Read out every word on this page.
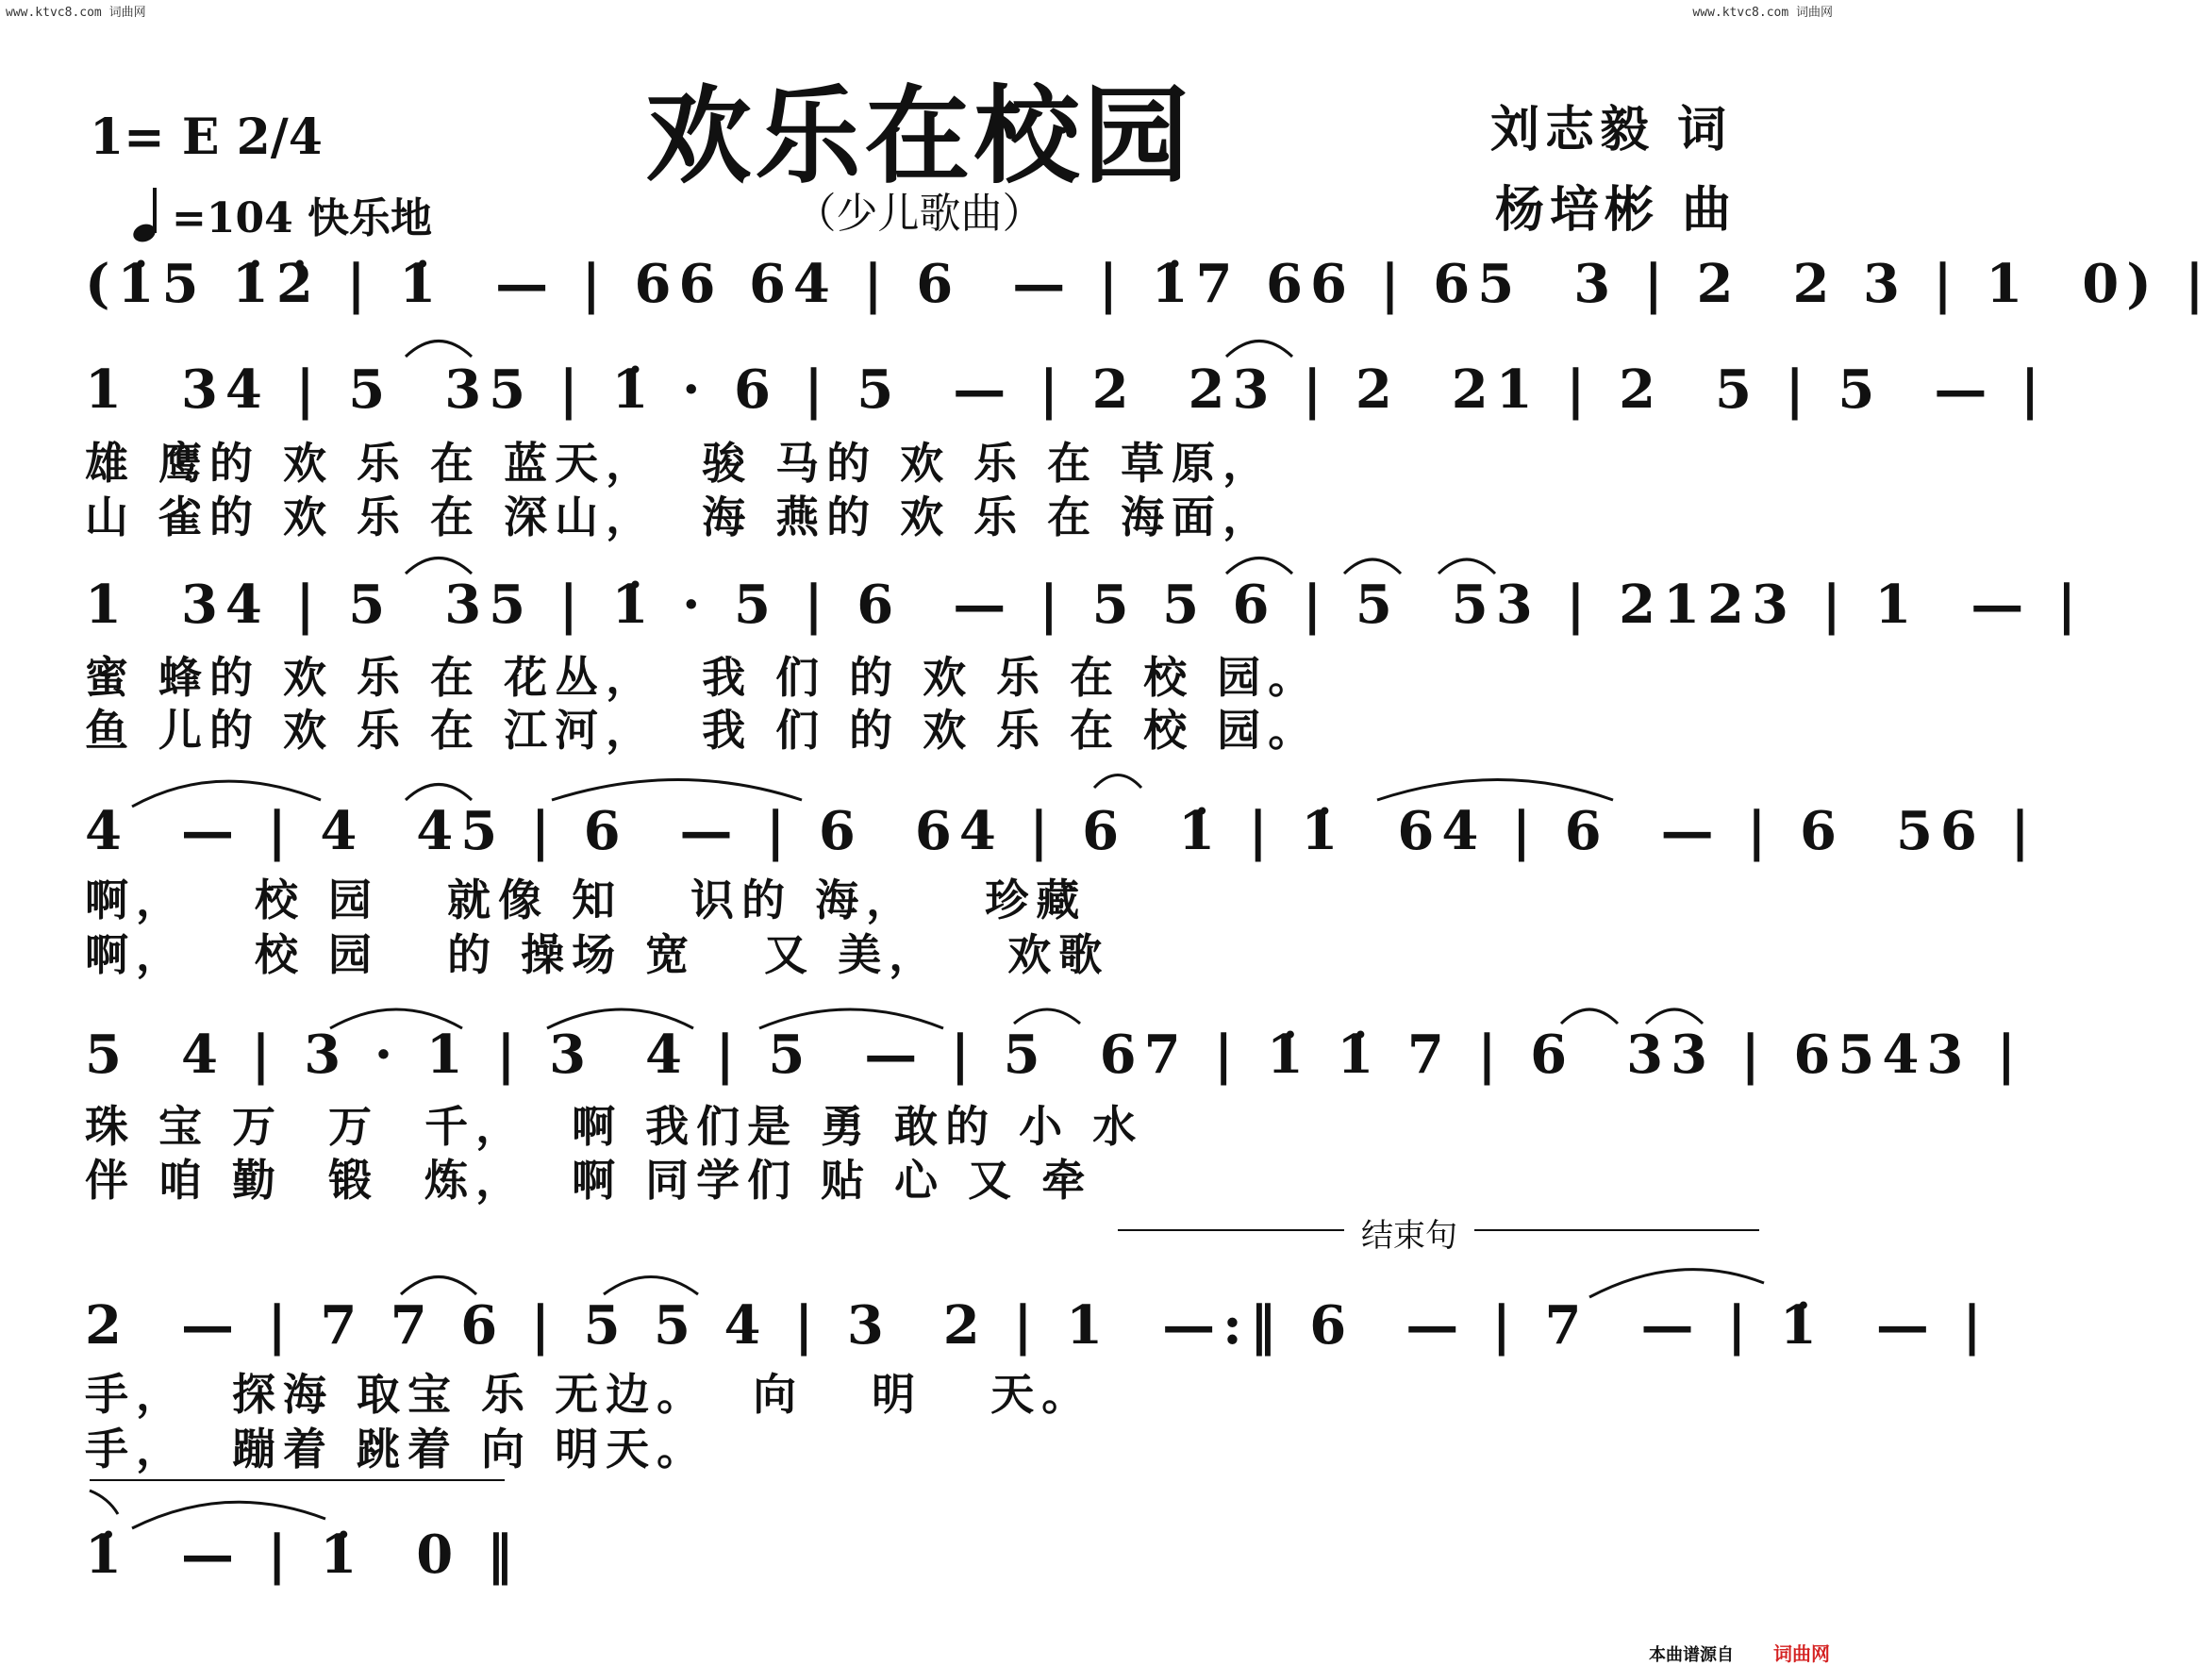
www.ktvc8.com 词曲网	www.ktvc8.com 词曲网
欢乐在校园
（少儿歌曲）
1= E 2/4
=104 快乐地
刘志毅 词
杨培彬 曲
(1̇5 1̇2̇ | 1̇  — | 66 64 | 6  — | 1̇7 66 | 65  3 | 2  2 3 | 1  0) |
1  34 | 5  35 | 1̇ · 6 | 5  — | 2  23 | 2  21 | 2  5 | 5  — |
雄 鹰的 欢 乐 在 蓝天，  骏 马的 欢 乐 在 草原，
山 雀的 欢 乐 在 深山，  海 燕的 欢 乐 在 海面，
1  34 | 5  35 | 1̇ · 5 | 6  — | 5 5 6 | 5  53 | 2123 | 1  — |
蜜 蜂的 欢 乐 在 花丛，  我 们 的 欢 乐 在 校 园。
鱼 儿的 欢 乐 在 江河，  我 们 的 欢 乐 在 校 园。
4  — | 4  45 | 6  — | 6  64 | 6  1̇ | 1̇  64 | 6  — | 6  56 |
啊，   校 园   就像 知   识的 海，   珍藏
啊，   校 园   的 操场 宽   又 美，   欢歌
5  4 | 3 · 1 | 3  4 | 5  — | 5  67 | 1̇ 1̇ 7 | 6  33 | 6543 |
珠 宝 万  万  千，  啊 我们是 勇 敢的 小 水
伴 咱 勤  锻  炼，  啊 同学们 贴 心 又 牵
结束句
2  — | 7 7 6 | 5 5 4 | 3  2 | 1  —:‖ 6  — | 7  — | 1̇  — |
手，  探海 取宝 乐 无边。  向   明   天。
手，  蹦着 跳着 向 明天。
1̇  — | 1̇  0 ‖
本曲谱源自 词曲网
